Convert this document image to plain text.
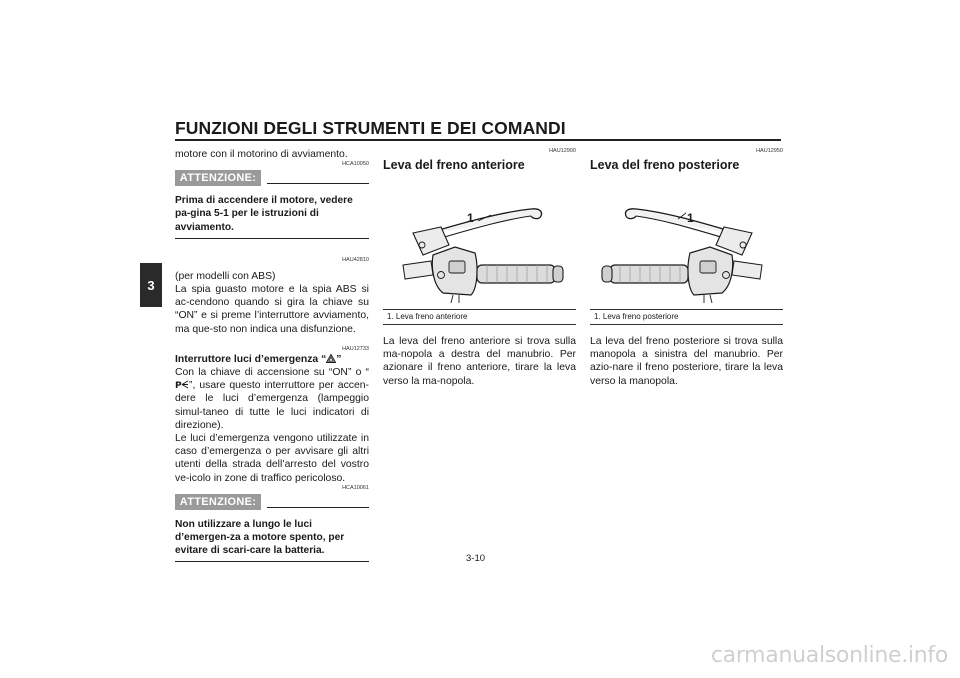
FUNZIONI DEGLI STRUMENTI E DEI COMANDI
3

motore con il motorino di avviamento.

HCA10050
ATTENZIONE:

Prima di accendere il motore, vedere pa-gina 5-1 per le istruzioni di avviamento.

HAU42810

(per modelli con ABS)
La spia guasto motore e la spia ABS si ac-cendono quando si gira la chiave su “ON” e si preme l’interruttore avviamento, ma que-sto non indica una disfunzione.

HAU12733

Interruttore luci d’emergenza “ ”

Con la chiave di accensione su “ON” o “
P ”, usare questo interruttore per accen-dere le luci d’emergenza (lampeggio simul-taneo di tutte le luci indicatori di direzione).

Le luci d’emergenza vengono utilizzate in caso d’emergenza o per avvisare gli altri utenti della strada dell’arresto del vostro ve-icolo in zone di traffico pericoloso.

HCA10061
ATTENZIONE:

Non utilizzare a lungo le luci d’emergen-za a motore spento, per evitare di scari-care la batteria.

HAU12900
Leva del freno anteriore
1
1. Leva freno anteriore

La leva del freno anteriore si trova sulla ma-nopola a destra del manubrio. Per azionare il freno anteriore, tirare la leva verso la ma-nopola.

HAU12950
Leva del freno posteriore
1
1. Leva freno posteriore

La leva del freno posteriore si trova sulla manopola a sinistra del manubrio. Per azio-nare il freno posteriore, tirare la leva verso la manopola.

3-10
carmanualsonline.info
